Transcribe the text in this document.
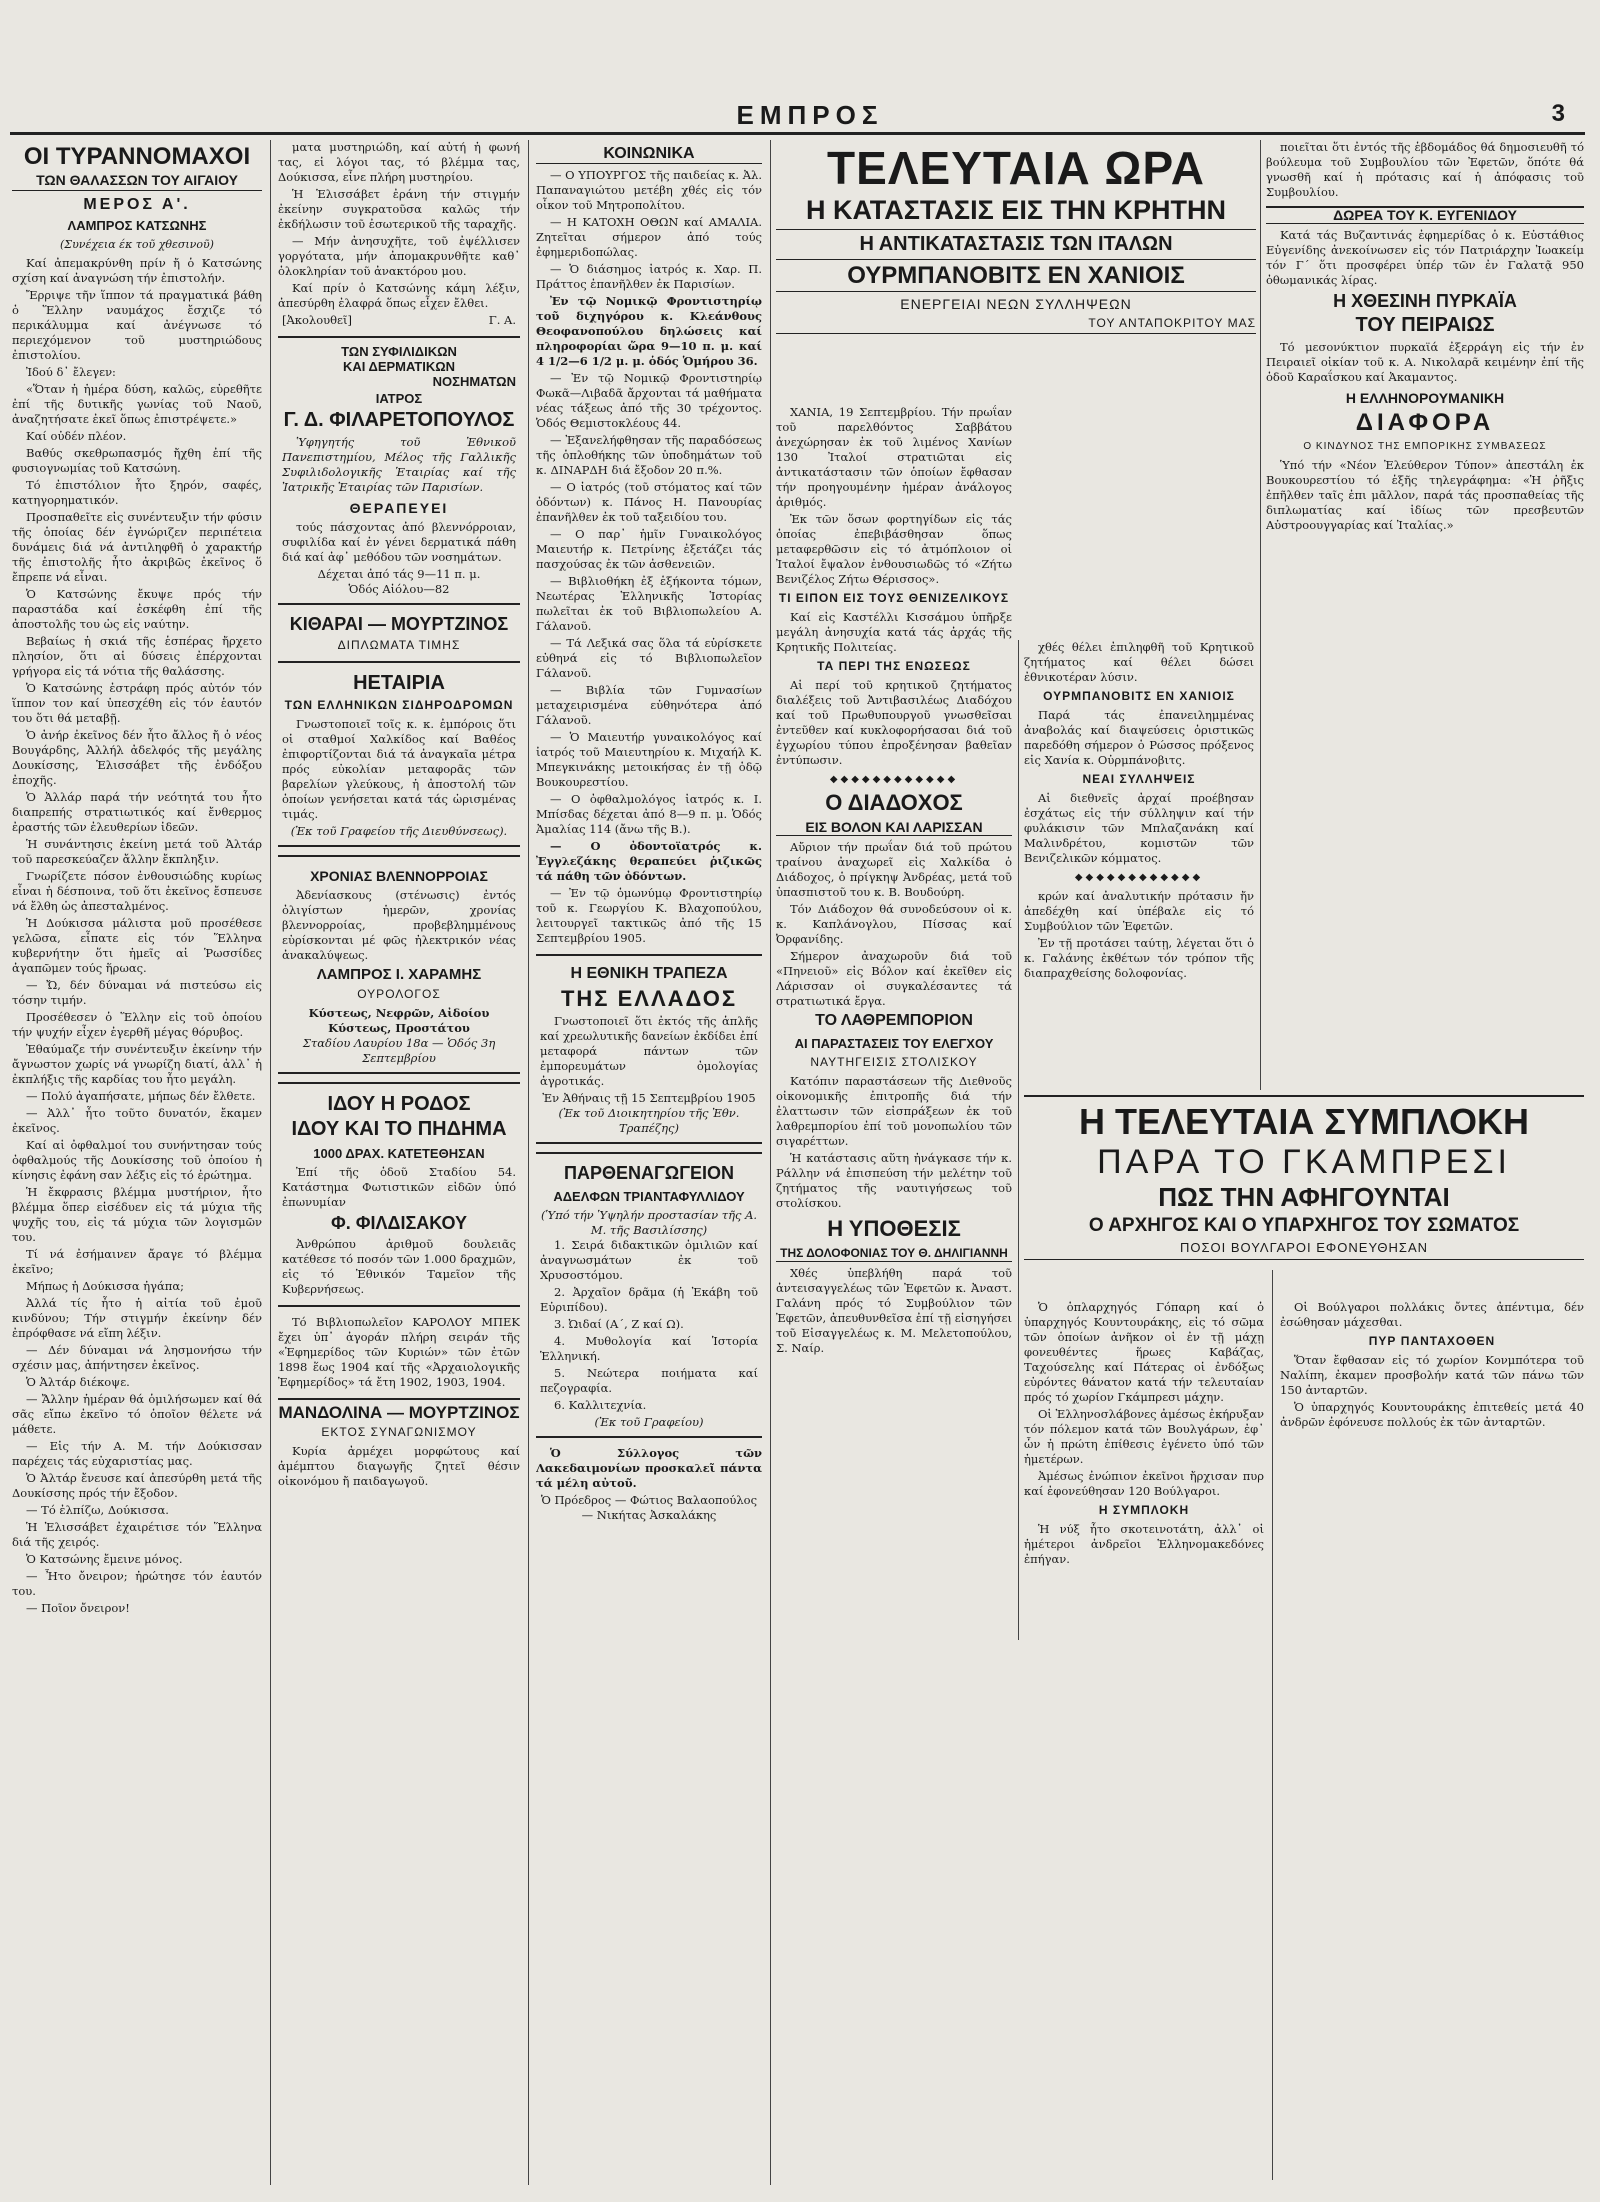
ΕΜΠΡΟΣ	3
ΟΙ ΤΥΡΑΝΝΟΜΑΧΟΙ
ΤΩΝ ΘΑΛΑΣΣΩΝ ΤΟΥ ΑΙΓΑΙΟΥ
ΜΕΡΟΣ Α'.
ΛΑΜΠΡΟΣ ΚΑΤΣΩΝΗΣ
(Συνέχεια έκ τοῦ χθεσινοῦ)

Καί ἀπεμακρύνθη πρίν ἤ ὁ Κατσώνης σχίση καί ἀναγνώση τήν ἐπιστολήν.

Ἔρριψε τῆν ἵππον τά πραγματικά βάθη ὁ Ἕλλην ναυμάχος ἔσχιζε τό περικάλυμμα καί ἀνέγνωσε τό περιεχόμενον τοῦ μυστηριώδους ἐπιστολίου.

Ἰδού δ᾽ ἔλεγεν:

«Ὅταν ἡ ἡμέρα δύση, καλῶς, εὑρεθῆτε ἐπί τῆς δυτικῆς γωνίας τοῦ Ναοῦ, ἀναζητήσατε ἐκεῖ ὅπως ἐπιστρέψετε.»

Καί οὐδέν πλέον.

Βαθύς σκεθρωπασμός ἤχθη ἐπί τῆς φυσιογνωμίας τοῦ Κατσώνη.

Τό ἐπιστόλιον ἦτο ξηρόν, σαφές, κατηγορηματικόν.

Προσπαθεῖτε εἰς συνέντευξιν τήν φύσιν τῆς ὁποίας δέν ἐγνώριζεν περιπέτεια δυνάμεις διά νά ἀντιληφθῆ ὁ χαρακτήρ τῆς ἐπιστολῆς ἦτο ἀκριβῶς ἐκεῖνος ὅ ἔπρεπε νά εἶναι.

Ὁ Κατσώνης ἔκυψε πρός τήν παραστάδα καί ἐσκέφθη ἐπί τῆς ἀποστολῆς του ὡς εἰς ναύτην.

Βεβαίως ἡ σκιά τῆς ἑσπέρας ἤρχετο πλησίον, ὅτι αἱ δύσεις ἐπέρχονται γρήγορα εἰς τά νότια τῆς θαλάσσης.

Ὁ Κατσώνης ἐστράφη πρός αὐτόν τόν ἵππον τον καί ὑπεσχέθη εἰς τόν ἑαυτόν του ὅτι θά μεταβῇ.

Ὁ ἀνήρ ἐκεῖνος δέν ἦτο ἄλλος ἤ ὁ νέος Βουγάρδης, Ἀλλήλ ἀδελφός τῆς μεγάλης Δουκίσσης, Ἑλισσάβετ τῆς ἐνδόξου ἐποχῆς.

Ὁ Ἀλλάρ παρά τήν νεότητά του ἦτο διαπρεπής στρατιωτικός καί ἔνθερμος ἐραστής τῶν ἐλευθερίων ἰδεῶν.

Ἡ συνάντησις ἐκείνη μετά τοῦ Ἀλτάρ τοῦ παρεσκεύαζεν ἄλλην ἔκπληξιν.

Γνωρίζετε πόσον ἐνθουσιώδης κυρίως εἶναι ἡ δέσποινα, τοῦ ὅτι ἐκεῖνος ἔσπευσε νά ἔλθη ὡς ἀπεσταλμένος.

Ἡ Δούκισσα μάλιστα μοῦ προσέθεσε γελῶσα, εἶπατε εἰς τόν Ἕλληνα κυβερνήτην ὅτι ἡμεῖς αἱ Ῥωσσίδες ἀγαπῶμεν τούς ἥρωας.

— Ὤ, δέν δύναμαι νά πιστεύσω εἰς τόσην τιμήν.

Προσέθεσεν ὁ Ἕλλην εἰς τοῦ ὁποίου τήν ψυχήν εἶχεν ἐγερθῆ μέγας θόρυβος.

Ἐθαύμαζε τήν συνέντευξιν ἐκείνην τήν ἄγνωστον χωρίς νά γνωρίζη διατί, ἀλλ᾽ ἡ ἐκπλήξις τῆς καρδίας του ἦτο μεγάλη.

— Πολύ ἀγαπήσατε, μήπως δέν ἔλθετε.

— Ἀλλ᾽ ἦτο τοῦτο δυνατόν, ἔκαμεν ἐκεῖνος.

Καί αἱ ὀφθαλμοί του συνήντησαν τούς ὀφθαλμούς τῆς Δουκίσσης τοῦ ὁποίου ἡ κίνησις ἐφάνη σαν λέξις εἰς τό ἐρώτημα.

Ἡ ἔκφρασις βλέμμα μυστήριον, ἦτο βλέμμα ὅπερ εἰσέδυεν εἰς τά μύχια τῆς ψυχῆς του, εἰς τά μύχια τῶν λογισμῶν του.

Τί νά ἐσήμαινεν ἄραγε τό βλέμμα ἐκεῖνο;

Μήπως ἡ Δούκισσα ἠγάπα;

Ἀλλά τίς ἦτο ἡ αἰτία τοῦ ἐμοῦ κινδύνου; Τήν στιγμήν ἐκείνην δέν ἐπρόφθασε νά εἴπη λέξιν.

— Δέν δύναμαι νά λησμονήσω τήν σχέσιν μας, ἀπήντησεν ἐκεῖνος.

Ὁ Ἀλτάρ διέκοψε.

— Ἄλλην ἡμέραν θά ὁμιλήσωμεν καί θά σᾶς εἴπω ἐκεῖνο τό ὁποῖον θέλετε νά μάθετε.

— Εἰς τήν Α. Μ. τήν Δούκισσαν παρέχεις τάς εὐχαριστίας μας.

Ὁ Ἀλτάρ ἔνευσε καί ἀπεσύρθη μετά τῆς Δουκίσσης πρός τήν ἔξοδον.

— Τό ἐλπίζω, Δούκισσα.

Ἡ Ἑλισσάβετ ἐχαιρέτισε τόν Ἕλληνα διά τῆς χειρός.

Ὁ Κατσώνης ἔμεινε μόνος.

— Ἦτο ὄνειρον; ἠρώτησε τόν ἑαυτόν του.

— Ποῖον ὄνειρον!

ματα μυστηριώδη, καί αὐτή ἡ φωνή τας, εἰ λόγοι τας, τό βλέμμα τας, Δούκισσα, εἶνε πλήρη μυστηρίου.

Ἡ Ἑλισσάβετ ἐράνη τήν στιγμήν ἐκείνην συγκρατοῦσα καλῶς τήν ἐκδήλωσιν τοῦ ἐσωτερικοῦ τῆς ταραχῆς.

— Μήν ἀνησυχῆτε, τοῦ ἐψέλλισεν γοργότατα, μήν ἀπομακρυνθῆτε καθ᾽ ὁλοκληρίαν τοῦ ἀνακτόρου μου.

Καί πρίν ὁ Κατσώνης κάμη λέξιν, ἀπεσύρθη ἐλαφρά ὅπως εἶχεν ἔλθει.

[Ἀκολουθεῖ]	Γ. Α.
ΤΩΝ ΣΥΦΙΛΙΔΙΚΩΝ
ΚΑΙ ΔΕΡΜΑΤΙΚΩΝ
ΝΟΣΗΜΑΤΩΝ
ΙΑΤΡΟΣ
Γ. Δ. ΦΙΛΑΡΕΤΟΠΟΥΛΟΣ

Ὑφηγητής τοῦ Ἐθνικοῦ Πανεπιστημίου, Μέλος τῆς Γαλλικῆς Συφιλιδολογικῆς Ἑταιρίας καί τῆς Ἰατρικῆς Ἑταιρίας τῶν Παρισίων.

ΘΕΡΑΠΕΥΕΙ

τούς πάσχοντας ἀπό βλεννόρροιαν, συφιλίδα καί ἐν γένει δερματικά πάθη διά καί ἀφ᾽ μεθόδου τῶν νοσημάτων.

Δέχεται ἀπό τάς 9—11 π. μ.
Ὁδός Αἰόλου—82
ΚΙΘΑΡΑΙ — ΜΟΥΡΤΖΙΝΟΣ
ΔΙΠΛΩΜΑΤΑ ΤΙΜΗΣ
ΗΕΤΑΙΡΙΑ
ΤΩΝ ΕΛΛΗΝΙΚΩΝ ΣΙΔΗΡΟΔΡΟΜΩΝ

Γνωστοποιεῖ τοῖς κ. κ. ἐμπόροις ὅτι οἱ σταθμοί Χαλκίδος καί Βαθέος ἐπιφορτίζονται διά τά ἀναγκαῖα μέτρα πρός εὐκολίαν μεταφορᾶς τῶν βαρελίων γλεύκους, ἡ ἀποστολή τῶν ὁποίων γενήσεται κατά τάς ὡρισμένας τιμάς.

(Ἐκ τοῦ Γραφείου τῆς Διευθύνσεως).
ΧΡΟΝΙΑΣ ΒΛΕΝΝΟΡΡΟΙΑΣ

Ἀδενίασκους (στένωσις) ἐντός ὀλιγίστων ἡμερῶν, χρονίας βλεννορροίας, προβεβλημμένους εὑρίσκονται μέ φῶς ἠλεκτρικόν νέας ἀνακαλύψεως.

ΛΑΜΠΡΟΣ Ι. ΧΑΡΑΜΗΣ
ΟΥΡΟΛΟΓΟΣ
Κύστεως, Νεφρῶν, Αἰδοίου Κύστεως, Προστάτου
Σταδίου Λαυρίου 18α — Ὁδός 3η Σεπτεμβρίου
ΙΔΟΥ Η ΡΟΔΟΣ
ΙΔΟΥ ΚΑΙ ΤΟ ΠΗΔΗΜΑ
1000 ΔΡΑΧ. ΚΑΤΕΤΕΘΗΣΑΝ

Ἐπί τῆς ὁδοῦ Σταδίου 54. Κατάστημα Φωτιστικῶν εἰδῶν ὑπό ἐπωνυμίαν

Φ. ΦΙΛΔΙΣΑΚΟΥ

Ἀνθρώπου ἀριθμοῦ δουλειᾶς κατέθεσε τό ποσόν τῶν 1.000 δραχμῶν, εἰς τό Ἐθνικόν Ταμεῖον τῆς Κυβερνήσεως.

Τό Βιβλιοπωλεῖον ΚΑΡΟΛΟΥ ΜΠΕΚ ἔχει ὑπ᾽ ἀγοράν πλήρη σειράν τῆς «Ἐφημερίδος τῶν Κυριών» τῶν ἐτῶν 1898 ἕως 1904 καί τῆς «Ἀρχαιολογικῆς Ἐφημερίδος» τά ἔτη 1902, 1903, 1904.

ΜΑΝΔΟΛΙΝΑ — ΜΟΥΡΤΖΙΝΟΣ
ΕΚΤΟΣ ΣΥΝΑΓΩΝΙΣΜΟΥ

Κυρία ἀρμέχει μορφώτους καί ἀμέμπτου διαγωγῆς ζητεῖ θέσιν οἰκονόμου ἤ παιδαγωγοῦ.

ΚΟΙΝΩΝΙΚΑ

— Ο ΥΠΟΥΡΓΟΣ τῆς παιδείας κ. Ἀλ. Παπαναγιώτου μετέβη χθές εἰς τόν οἶκον τοῦ Μητροπολίτου.

— Η ΚΑΤΟΧΗ ΟΘΩΝ καί ΑΜΑΛΙΑ. Ζητεῖται σήμερον ἀπό τούς ἐφημεριδοπώλας.

— Ὁ διάσημος ἰατρός κ. Χαρ. Π. Πράττος ἐπανῆλθεν ἐκ Παρισίων.

Ἐν τῷ Νομικῷ Φροντιστηρίῳ τοῦ διχηγόρου κ. Κλεάνθους Θεοφανοπούλου δηλώσεις καί πληροφορίαι ὥρα 9—10 π. μ. καί 4 1/2—6 1/2 μ. μ. ὁδός Ὁμήρου 36.

— Ἐν τῷ Νομικῷ Φροντιστηρίῳ Φωκᾶ—Λιβαδᾶ ἄρχονται τά μαθήματα νέας τάξεως ἀπό τῆς 30 τρέχοντος. Ὁδός Θεμιστοκλέους 44.

— Ἐξανελήφθησαν τῆς παραδόσεως τῆς ὁπλοθήκης τῶν ὑποδημάτων τοῦ κ. ΔΙΝΑΡΔΗ διά ἔξοδον 20 π.%.

— Ο ἰατρός (τοῦ στόματος καί τῶν ὀδόντων) κ. Πάνος Η. Πανουρίας ἐπανῆλθεν ἐκ τοῦ ταξειδίου του.

— Ο παρ᾽ ἡμῖν Γυναικολόγος Μαιευτήρ κ. Πετρίνης ἐξετάζει τάς πασχούσας ἐκ τῶν ἀσθενειῶν.

— Βιβλιοθήκη ἐξ ἑξήκοντα τόμων, Νεωτέρας Ἑλληνικῆς Ἱστορίας πωλεῖται ἐκ τοῦ Βιβλιοπωλείου Α. Γάλανοῦ.

— Τά Λεξικά σας ὅλα τά εὑρίσκετε εὐθηνά εἰς τό Βιβλιοπωλεῖον Γάλανοῦ.

— Βιβλία τῶν Γυμνασίων μεταχειρισμένα εὐθηνότερα ἀπό Γάλανοῦ.

— Ὁ Μαιευτήρ γυναικολόγος καί ἰατρός τοῦ Μαιευτηρίου κ. Μιχαήλ Κ. Μπεγκινάκης μετοικήσας ἐν τῇ ὁδῷ Βουκουρεστίου.

— Ο ὀφθαλμολόγος ἰατρός κ. Ι. Μπίσδας δέχεται ἀπό 8—9 π. μ. Ὁδός Ἀμαλίας 114 (ἄνω τῆς Β.).

— Ο ὀδοντοϊατρός κ. Ἐγγλεζάκης θεραπεύει ῥιζικῶς τά πάθη τῶν ὀδόντων.

— Ἐν τῷ ὁμωνύμῳ Φροντιστηρίῳ τοῦ κ. Γεωργίου Κ. Βλαχοπούλου, λειτουργεῖ τακτικῶς ἀπό τῆς 15 Σεπτεμβρίου 1905.

Η ΕΘΝΙΚΗ ΤΡΑΠΕΖΑ
ΤΗΣ ΕΛΛΑΔΟΣ

Γνωστοποιεῖ ὅτι ἐκτός τῆς ἁπλῆς καί χρεωλυτικῆς δανείων ἐκδίδει ἐπί μεταφορά πάντων τῶν ἐμπορευμάτων ὀμολογίας ἀγροτικάς.

Ἐν Ἀθήναις τῇ 15 Σεπτεμβρίου 1905
(Ἐκ τοῦ Διοικητηρίου τῆς Ἐθν. Τραπέζης)
ΠΑΡΘΕΝΑΓΩΓΕΙΟΝ
ΑΔΕΛΦΩΝ ΤΡΙΑΝΤΑΦΥΛΛΙΔΟΥ
(Ὑπό τήν Ὑψηλήν προστασίαν τῆς Α. Μ. τῆς Βασιλίσσης)

1. Σειρά διδακτικῶν ὁμιλιῶν καί ἀναγνωσμάτων ἐκ τοῦ Χρυσοστόμου.

2. Ἀρχαῖον δρᾶμα (ἡ Ἐκάβη τοῦ Εὐριπίδου).

3. Ὠιδαί (Α΄, Ζ καί Ω).

4. Μυθολογία καί Ἱστορία Ἑλληνική.

5. Νεώτερα ποιήματα καί πεζογραφία.

6. Καλλιτεχνία.

(Ἐκ τοῦ Γραφείου)

Ὁ Σύλλογος τῶν Λακεδαιμονίων προσκαλεῖ πάντα τά μέλη αὐτοῦ.

Ὁ Πρόεδρος — Φώτιος Βαλαοπούλος — Νικήτας Ἀσκαλάκης
ΤΕΛΕΥΤΑΙΑ ΩΡΑ
Η ΚΑΤΑΣΤΑΣΙΣ ΕΙΣ ΤΗΝ ΚΡΗΤΗΝ
Η ΑΝΤΙΚΑΤΑΣΤΑΣΙΣ ΤΩΝ ΙΤΑΛΩΝ
ΟΥΡΜΠΑΝΟΒΙΤΣ ΕΝ ΧΑΝΙΟΙΣ
ΕΝΕΡΓΕΙΑΙ ΝΕΩΝ ΣΥΛΛΗΨΕΩΝ
ΤΟΥ ΑΝΤΑΠΟΚΡΙΤΟΥ ΜΑΣ

ΧΑΝΙΑ, 19 Σεπτεμβρίου. Τήν πρωΐαν τοῦ παρελθόντος Σαββάτου ἀνεχώρησαν ἐκ τοῦ λιμένος Χανίων 130 Ἰταλοί στρατιῶται εἰς ἀντικατάστασιν τῶν ὁποίων ἔφθασαν τήν προηγουμένην ἡμέραν ἀνάλογος ἀριθμός.

Ἐκ τῶν ὅσων φορτηγίδων εἰς τάς ὁποίας ἐπεβιβάσθησαν ὅπως μεταφερθῶσιν εἰς τό ἀτμόπλοιον οἱ Ἰταλοί ἔψαλον ἐνθουσιωδῶς τό «Ζήτω Βενιζέλος Ζήτω Θέρισσος».

ΤΙ ΕΙΠΟΝ ΕΙΣ ΤΟΥΣ ΘΕΝΙΖΕΛΙΚΟΥΣ

Καί εἰς Καστέλλι Κισσάμου ὑπῆρξε μεγάλη ἀνησυχία κατά τάς ἀρχάς τῆς Κρητικῆς Πολιτείας.

ΤΑ ΠΕΡΙ ΤΗΣ ΕΝΩΣΕΩΣ

Αἱ περί τοῦ κρητικοῦ ζητήματος διαλέξεις τοῦ Ἀντιβασιλέως Διαδόχου καί τοῦ Πρωθυπουργοῦ γνωσθεῖσαι ἐντεῦθεν καί κυκλοφορήσασαι διά τοῦ ἐγχωρίου τύπου ἐπροξένησαν βαθεῖαν ἐντύπωσιν.

◆◆◆◆◆◆◆◆◆◆◆◆
Ο ΔΙΑΔΟΧΟΣ
ΕΙΣ ΒΟΛΟΝ ΚΑΙ ΛΑΡΙΣΣΑΝ

Αὔριον τήν πρωΐαν διά τοῦ πρώτου τραίνου ἀναχωρεῖ εἰς Χαλκίδα ὁ Διάδοχος, ὁ πρίγκηψ Ἀνδρέας, μετά τοῦ ὑπασπιστοῦ του κ. Β. Βουδούρη.

Τόν Διάδοχον θά συνοδεύσουν οἱ κ. κ. Καπλάνογλου, Πίσσας καί Ὀρφανίδης.

Σήμερον ἀναχωροῦν διά τοῦ «Πηνειοῦ» εἰς Βόλον καί ἐκεῖθεν εἰς Λάρισσαν οἱ συγκαλέσαντες τά στρατιωτικά ἔργα.

ΤΟ ΛΑΘΡΕΜΠΟΡΙΟΝ
ΑΙ ΠΑΡΑΣΤΑΣΕΙΣ ΤΟΥ ΕΛΕΓΧΟΥ
ΝΑΥΤΗΓΕΙΣΙΣ ΣΤΟΛΙΣΚΟΥ

Κατόπιν παραστάσεων τῆς Διεθνοῦς οἰκονομικῆς ἐπιτροπῆς διά τήν ἐλαττωσιν τῶν εἰσπράξεων ἐκ τοῦ λαθρεμπορίου ἐπί τοῦ μονοπωλίου τῶν σιγαρέττων.

Ἡ κατάστασις αὕτη ἠνάγκασε τήν κ. Ράλλην νά ἐπισπεύση τήν μελέτην τοῦ ζητήματος τῆς ναυτιγήσεως τοῦ στολίσκου.

Η ΥΠΟΘΕΣΙΣ
ΤΗΣ ΔΟΛΟΦΟΝΙΑΣ ΤΟΥ Θ. ΔΗΛΙΓΙΑΝΝΗ

Χθές ὑπεβλήθη παρά τοῦ ἀντεισαγγελέως τῶν Ἐφετῶν κ. Ἀναστ. Γαλάνη πρός τό Συμβούλιον τῶν Ἐφετῶν, ἀπευθυνθεῖσα ἐπί τῇ εἰσηγήσει τοῦ Εἰσαγγελέως κ. Μ. Μελετοπούλου, Σ. Ναίρ.

χθές θέλει ἐπιληφθῆ τοῦ Κρητικοῦ ζητήματος καί θέλει δώσει ἐθνικοτέραν λύσιν.

ΟΥΡΜΠΑΝΟΒΙΤΣ ΕΝ ΧΑΝΙΟΙΣ

Παρά τάς ἐπανειλημμένας ἀναβολάς καί διαψεύσεις ὁριστικῶς παρεδόθη σήμερον ὁ Ρώσσος πρόξενος εἰς Χανία κ. Οὐρμπάνοβιτς.

ΝΕΑΙ ΣΥΛΛΗΨΕΙΣ

Αἱ διεθνεῖς ἀρχαί προέβησαν ἐσχάτως εἰς τήν σύλληψιν καί τήν φυλάκισιν τῶν Μπλαζανάκη καί Μαλινδρέτου, κομιστῶν τῶν Βενιζελικῶν κόμματος.

◆◆◆◆◆◆◆◆◆◆◆◆

κρών καί ἀναλυτικήν πρότασιν ἤν ἀπεδέχθη καί ὑπέβαλε εἰς τό Συμβούλιον τῶν Ἐφετῶν.

Ἐν τῇ προτάσει ταύτῃ, λέγεται ὅτι ὁ κ. Γαλάνης ἐκθέτων τόν τρόπον τῆς διαπραχθείσης δολοφονίας.

ποιεῖται ὅτι ἐντός τῆς ἑβδομάδος θά δημοσιευθῆ τό βούλευμα τοῦ Συμβουλίου τῶν Ἐφετῶν, ὅπότε θά γνωσθῆ καί ἡ πρότασις καί ἡ ἀπόφασις τοῦ Συμβουλίου.

ΔΩΡΕΑ ΤΟΥ Κ. ΕΥΓΕΝΙΔΟΥ

Κατά τάς Βυζαντινάς ἐφημερίδας ὁ κ. Εὐστάθιος Εὐγενίδης ἀνεκοίνωσεν εἰς τόν Πατριάρχην Ἰωακείμ τόν Γ΄ ὅτι προσφέρει ὑπέρ τῶν ἐν Γαλατᾷ 950 ὀθωμανικάς λίρας.

Η ΧΘΕΣΙΝΗ ΠΥΡΚΑΪΑ
ΤΟΥ ΠΕΙΡΑΙΩΣ

Τό μεσονύκτιον πυρκαϊά ἐξερράγη εἰς τήν ἐν Πειραιεῖ οἰκίαν τοῦ κ. Α. Νικολαρᾶ κειμένην ἐπί τῆς ὁδοῦ Καραΐσκου καί Ἀκαμαντος.

Η ΕΛΛΗΝΟΡΟΥΜΑΝΙΚΗ
ΔΙΑΦΟΡΑ
Ο ΚΙΝΔΥΝΟΣ ΤΗΣ ΕΜΠΟΡΙΚΗΣ ΣΥΜΒΑΣΕΩΣ

Ὑπό τήν «Νέον Ἐλεύθερον Τύπον» ἀπεστάλη ἐκ Βουκουρεστίου τό ἑξῆς τηλεγράφημα: «Ἡ ῥῆξις ἐπῆλθεν ταῖς ἐπι μᾶλλον, παρά τάς προσπαθείας τῆς διπλωματίας καί ἰδίως τῶν πρεσβευτῶν Αὐστροουγγαρίας καί Ἰταλίας.»

Η ΤΕΛΕΥΤΑΙΑ ΣΥΜΠΛΟΚΗ
ΠΑΡΑ ΤΟ ΓΚΑΜΠΡΕΣΙ
ΠΩΣ ΤΗΝ ΑΦΗΓΟΥΝΤΑΙ
Ο ΑΡΧΗΓΟΣ ΚΑΙ Ο ΥΠΑΡΧΗΓΟΣ ΤΟΥ ΣΩΜΑΤΟΣ
ΠΟΣΟΙ ΒΟΥΛΓΑΡΟΙ ΕΦΟΝΕΥΘΗΣΑΝ

Ὁ ὁπλαρχηγός Γόπαρη καί ὁ ὑπαρχηγός Κουντουράκης, εἰς τό σῶμα τῶν ὁποίων ἀνῆκον οἱ ἐν τῇ μάχῃ φονευθέντες ἥρωες Καβάζας, Ταχούσελης καί Πάτερας οἱ ἐνδόξως εὑρόντες θάνατον κατά τήν τελευταίαν πρός τό χωρίον Γκάμπρεσι μάχην.

Οἱ Ἑλληνοσλάβονες ἀμέσως ἐκήρυξαν τόν πόλεμον κατά τῶν Βουλγάρων, ἐφ᾽ ὧν ἡ πρώτη ἐπίθεσις ἐγένετο ὑπό τῶν ἡμετέρων.

Ἀμέσως ἐνώπιον ἐκεῖνοι ἤρχισαν πυρ καί ἐφονεύθησαν 120 Βούλγαροι.

Η ΣΥΜΠΛΟΚΗ

Ἡ νύξ ἦτο σκοτεινοτάτη, ἀλλ᾽ οἱ ἡμέτεροι ἀνδρεῖοι Ἑλληνομακεδόνες ἐπήγαν.

Οἱ Βούλγαροι πολλάκις ὄντες ἀπέντιμα, δέν ἐσώθησαν μάχεσθαι.

ΠΥΡ ΠΑΝΤΑΧΟΘΕΝ

Ὅταν ἔφθασαν εἰς τό χωρίον Κονμπότερα τοῦ Ναλίπη, ἐκαμεν προσβολήν κατά τῶν πάνω τῶν 150 ἀνταρτῶν.

Ὁ ὑπαρχηγός Κουντουράκης ἐπιτεθείς μετά 40 ἀνδρῶν ἐφόνευσε πολλούς ἐκ τῶν ἀνταρτῶν.
